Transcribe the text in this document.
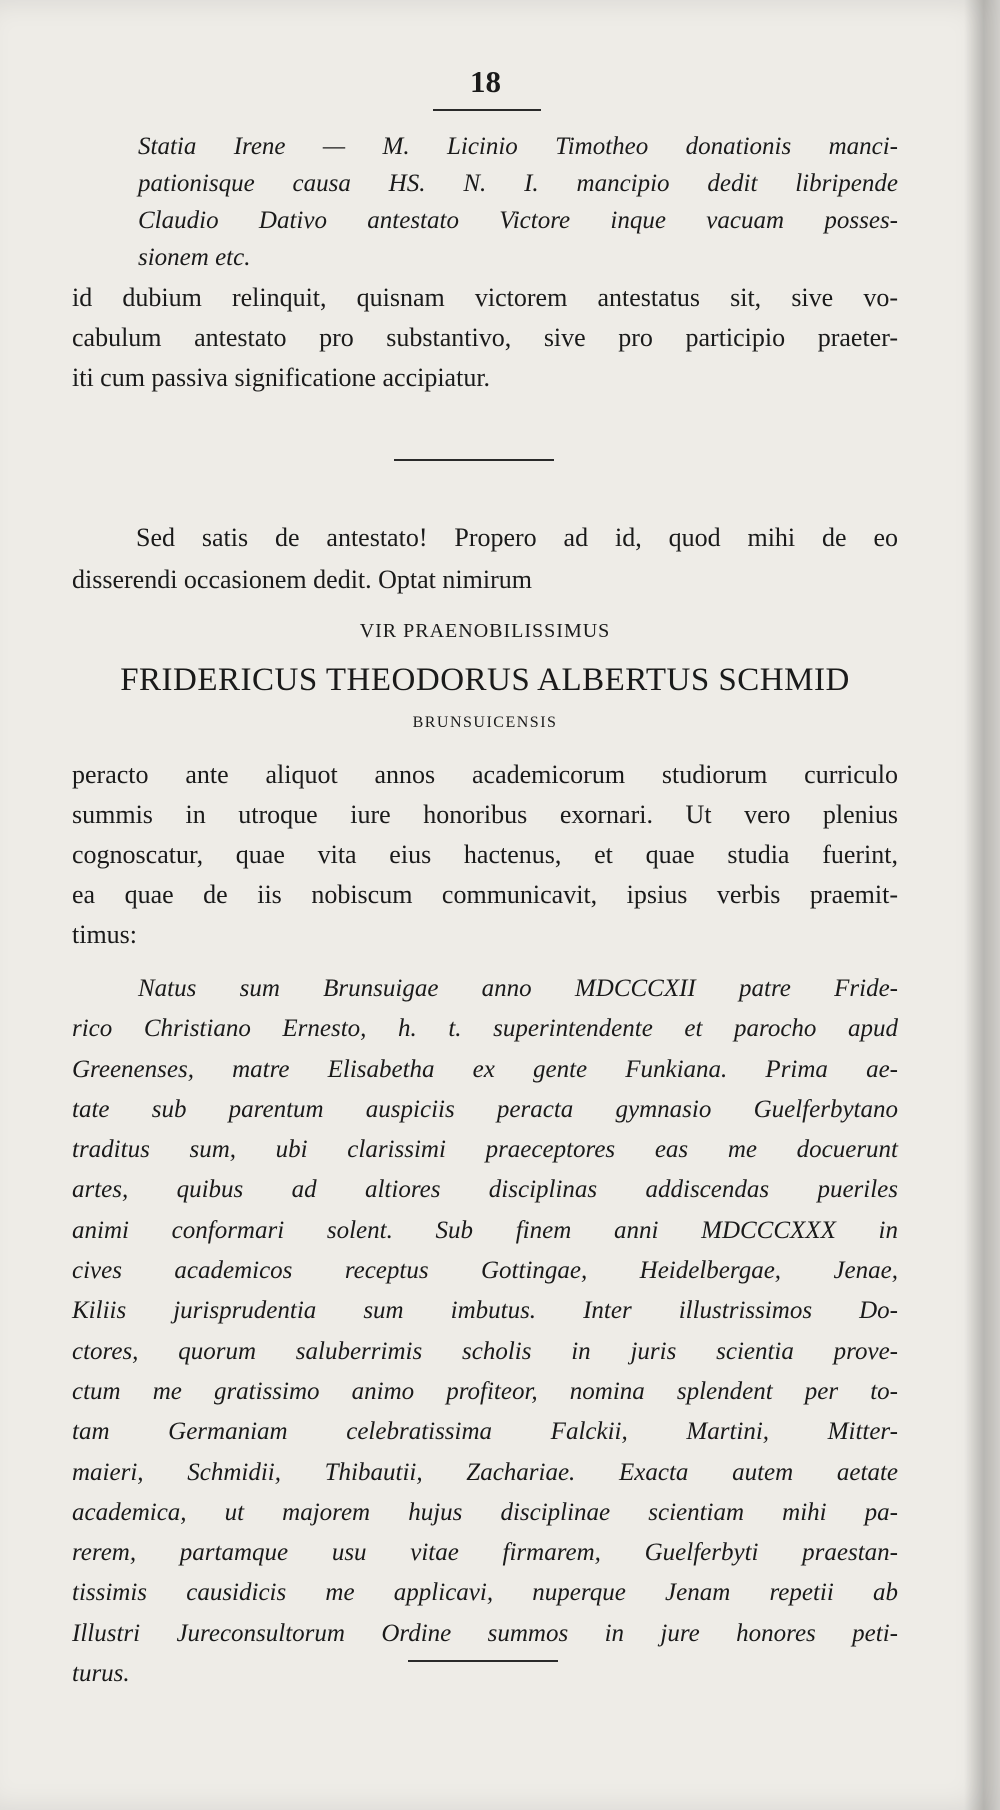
18
Statia Irene — M. Licinio Timotheo donationis manci-
pationisque causa HS. N. I. mancipio dedit libripende
Claudio Dativo antestato Victore inque vacuam posses-
sionem etc.
id dubium relinquit, quisnam victorem antestatus sit, sive vo-
cabulum antestato pro substantivo, sive pro participio praeter-
iti cum passiva significatione accipiatur.
Sed satis de antestato! Propero ad id, quod mihi de eo
disserendi occasionem dedit. Optat nimirum
VIR PRAENOBILISSIMUS
FRIDERICUS THEODORUS ALBERTUS SCHMID
BRUNSUICENSIS
peracto ante aliquot annos academicorum studiorum curriculo
summis in utroque iure honoribus exornari. Ut vero plenius
cognoscatur, quae vita eius hactenus, et quae studia fuerint,
ea quae de iis nobiscum communicavit, ipsius verbis praemit-
timus:
Natus sum Brunsuigae anno MDCCCXII patre Fride-
rico Christiano Ernesto, h. t. superintendente et parocho apud
Greenenses, matre Elisabetha ex gente Funkiana. Prima ae-
tate sub parentum auspiciis peracta gymnasio Guelferbytano
traditus sum, ubi clarissimi praeceptores eas me docuerunt
artes, quibus ad altiores disciplinas addiscendas pueriles
animi conformari solent. Sub finem anni MDCCCXXX in
cives academicos receptus Gottingae, Heidelbergae, Jenae,
Kiliis jurisprudentia sum imbutus. Inter illustrissimos Do-
ctores, quorum saluberrimis scholis in juris scientia prove-
ctum me gratissimo animo profiteor, nomina splendent per to-
tam Germaniam celebratissima Falckii, Martini, Mitter-
maieri, Schmidii, Thibautii, Zachariae. Exacta autem aetate
academica, ut majorem hujus disciplinae scientiam mihi pa-
rerem, partamque usu vitae firmarem, Guelferbyti praestan-
tissimis causidicis me applicavi, nuperque Jenam repetii ab
Illustri Jureconsultorum Ordine summos in jure honores peti-
turus.
